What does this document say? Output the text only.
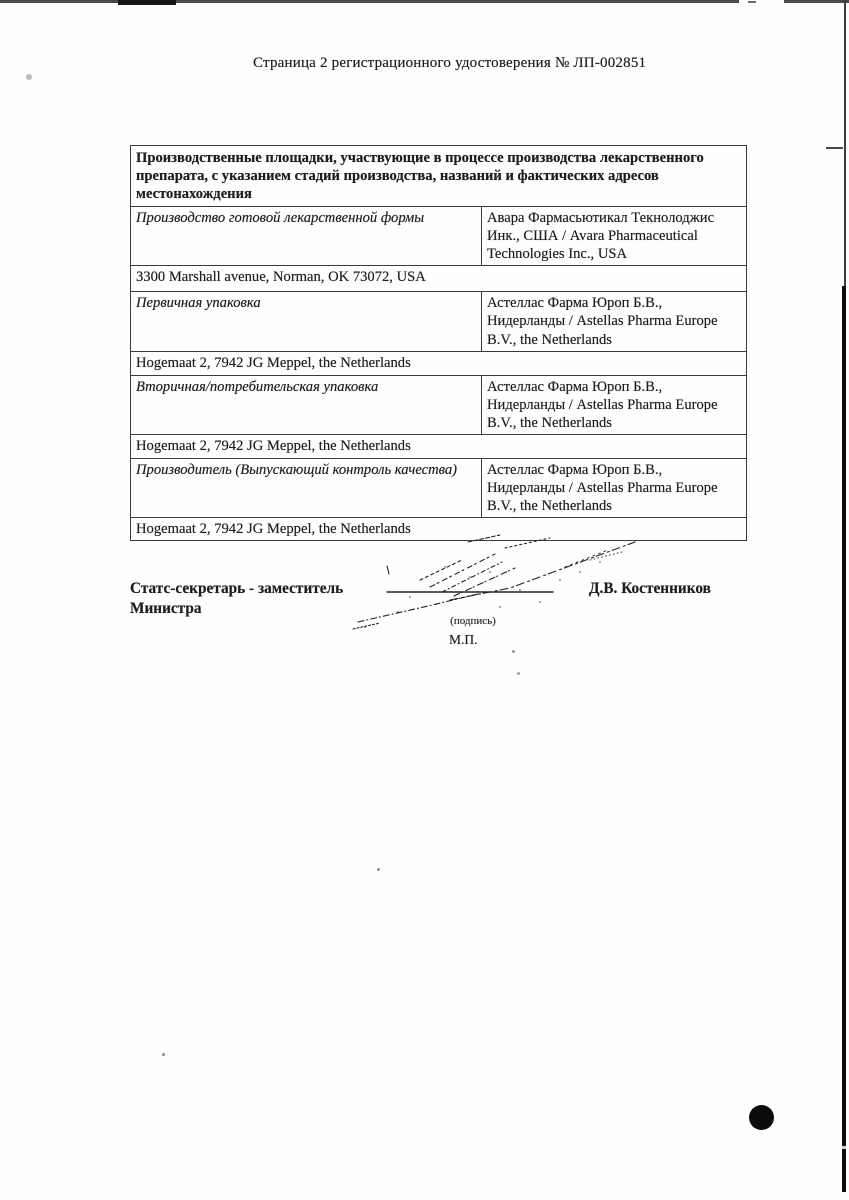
Страница 2 регистрационного удостоверения № ЛП-002851
Производственные площадки, участвующие в процессе производства лекарственного препарата, с указанием стадий производства, названий и фактических адресов местонахождения	
Производство готовой лекарственной формы	Авара Фармасьютикал Текнолоджис Инк., США / Avara Pharmaceutical Technologies Inc., USA
3300 Marshall avenue, Norman, OK 73072, USA	
Первичная упаковка	Астеллас Фарма Юроп Б.В., Нидерланды / Astellas Pharma Europe B.V., the Netherlands
Hogemaat 2, 7942 JG Meppel, the Netherlands	
Вторичная/потребительская упаковка	Астеллас Фарма Юроп Б.В., Нидерланды / Astellas Pharma Europe B.V., the Netherlands
Hogemaat 2, 7942 JG Meppel, the Netherlands	
Производитель (Выпускающий контроль качества)	Астеллас Фарма Юроп Б.В., Нидерланды / Astellas Pharma Europe B.V., the Netherlands
Hogemaat 2, 7942 JG Meppel, the Netherlands	
Статс-секретарь - заместитель Министра
Д.В. Костенников
(подпись)
М.П.
